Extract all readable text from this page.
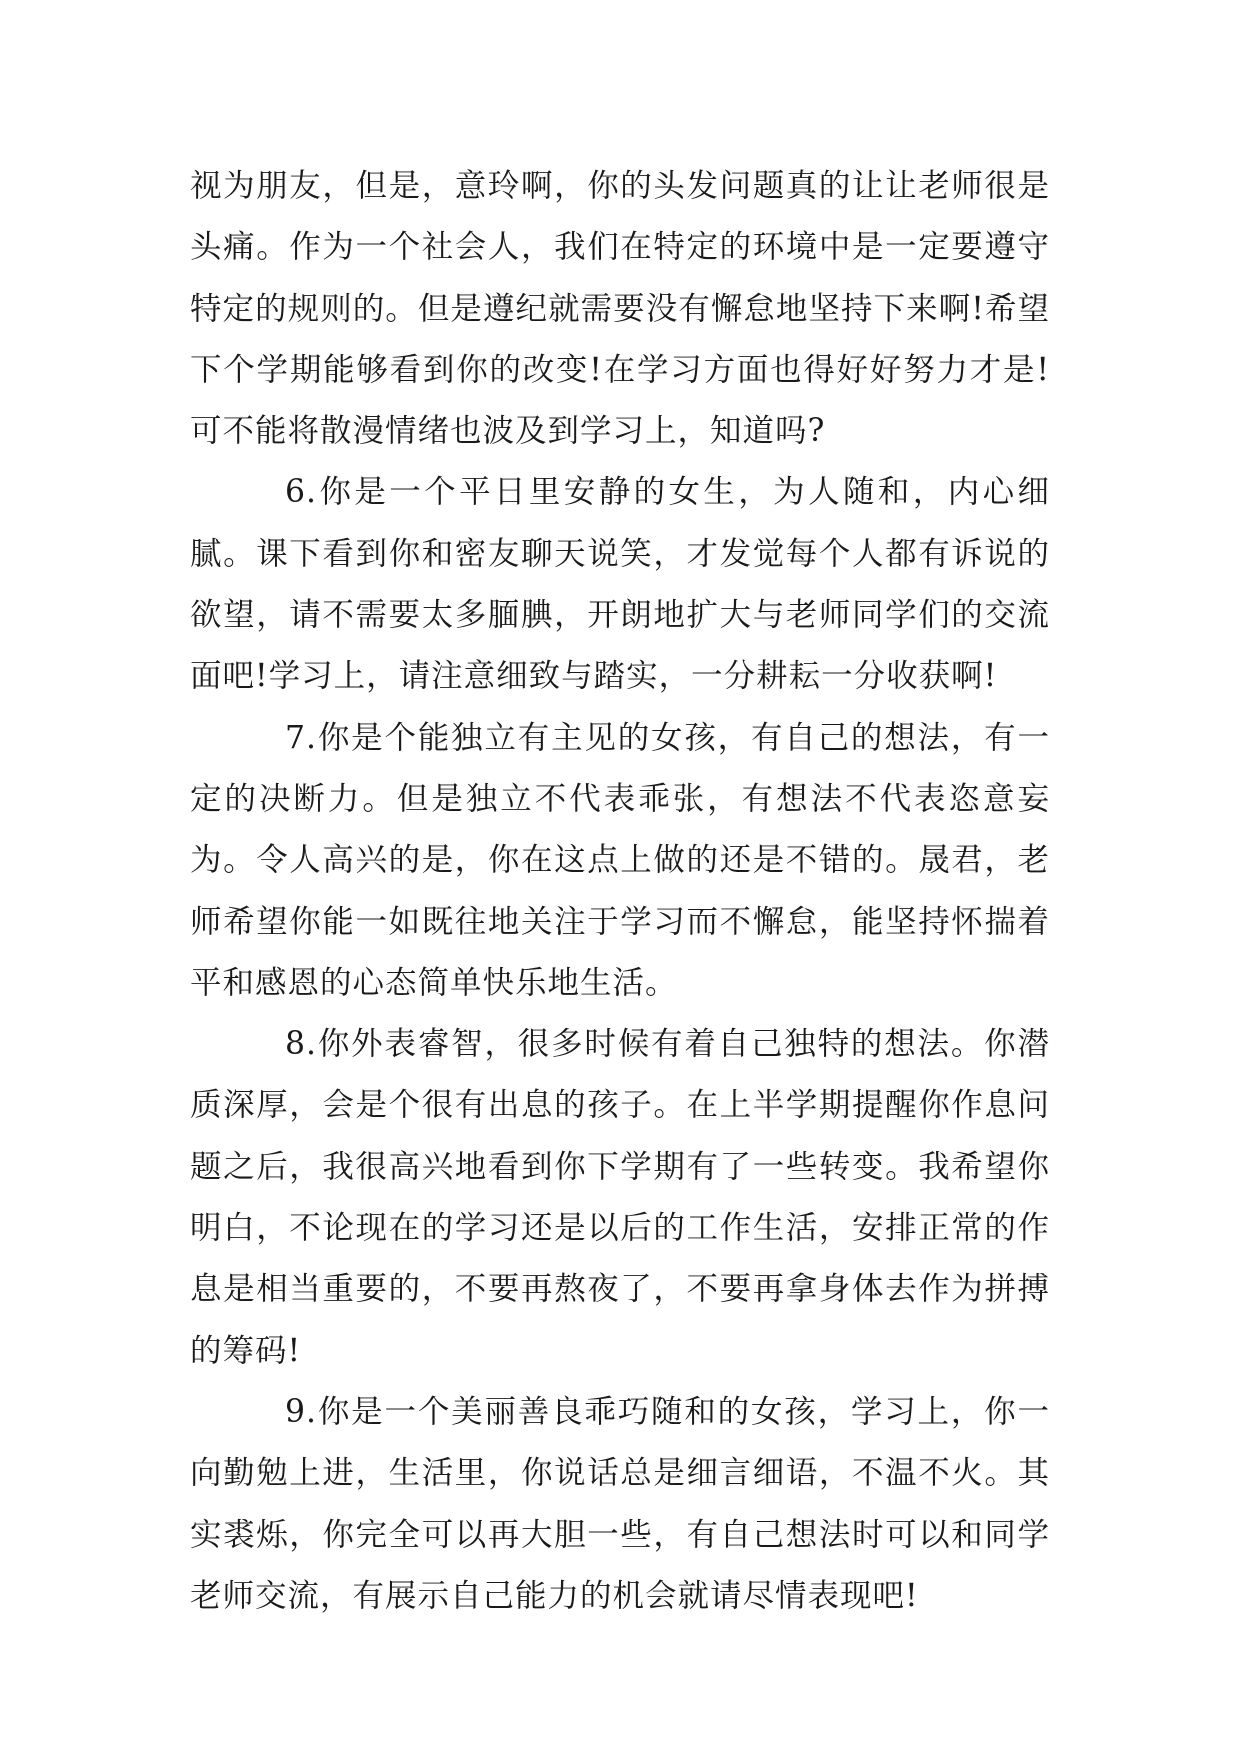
视为朋友，但是，意玲啊，你的头发问题真的让让老师很是头痛。作为一个社会人，我们在特定的环境中是一定要遵守特定的规则的。但是遵纪就需要没有懈怠地坚持下来啊!希望下个学期能够看到你的改变!在学习方面也得好好努力才是!可不能将散漫情绪也波及到学习上，知道吗?

6.你是一个平日里安静的女生，为人随和，内心细腻。课下看到你和密友聊天说笑，才发觉每个人都有诉说的欲望，请不需要太多腼腆，开朗地扩大与老师同学们的交流面吧!学习上，请注意细致与踏实，一分耕耘一分收获啊!

7.你是个能独立有主见的女孩，有自己的想法，有一定的决断力。但是独立不代表乖张，有想法不代表恣意妄为。令人高兴的是，你在这点上做的还是不错的。晟君，老师希望你能一如既往地关注于学习而不懈怠，能坚持怀揣着平和感恩的心态简单快乐地生活。

8.你外表睿智，很多时候有着自己独特的想法。你潜质深厚，会是个很有出息的孩子。在上半学期提醒你作息问题之后，我很高兴地看到你下学期有了一些转变。我希望你明白，不论现在的学习还是以后的工作生活，安排正常的作息是相当重要的，不要再熬夜了，不要再拿身体去作为拼搏的筹码!

9.你是一个美丽善良乖巧随和的女孩，学习上，你一向勤勉上进，生活里，你说话总是细言细语，不温不火。其实裘烁，你完全可以再大胆一些，有自己想法时可以和同学老师交流，有展示自己能力的机会就请尽情表现吧!
